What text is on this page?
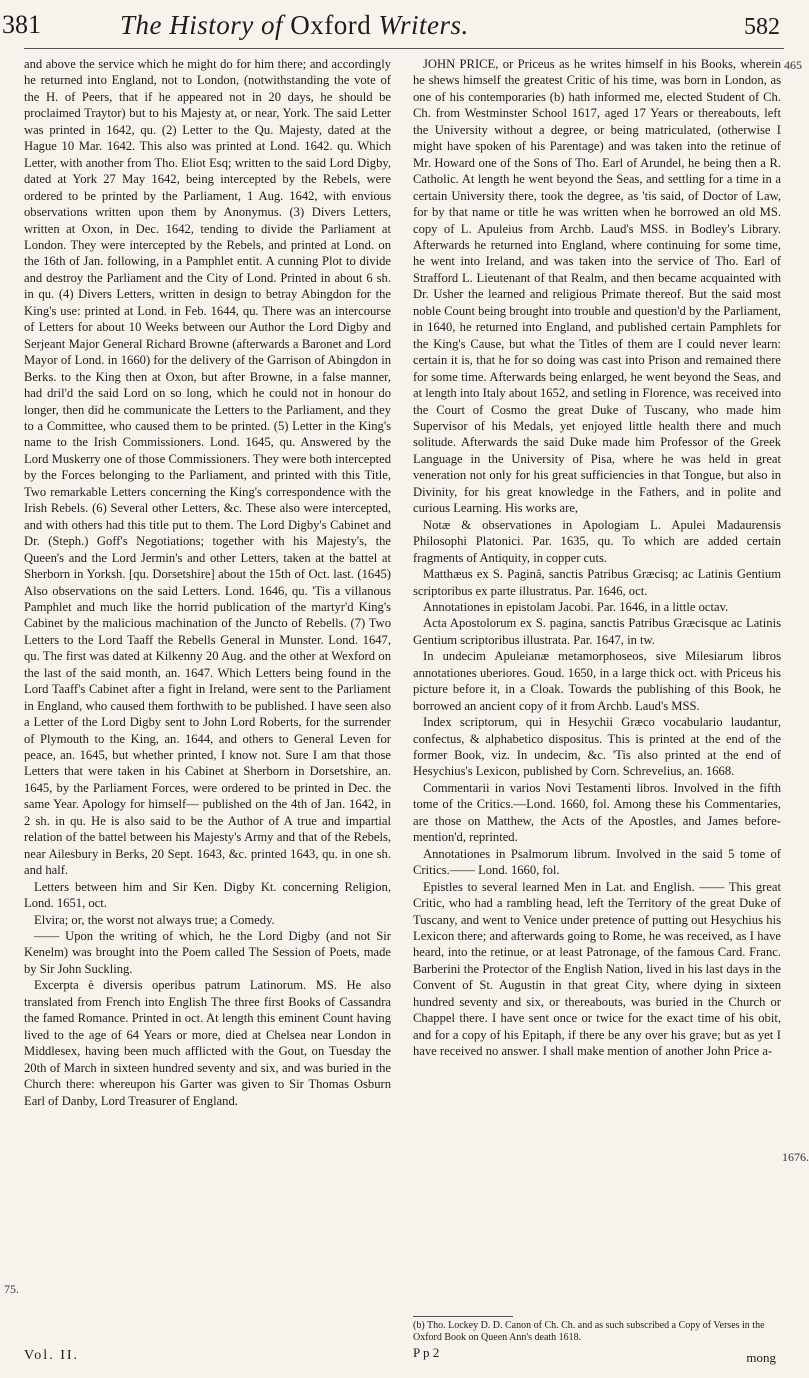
381	The History of Oxford Writers.	582

and above the service which he might do for him there; and accordingly he returned into England, not to London, (notwithstanding the vote of the H. of Peers, that if he appeared not in 20 days, he should be proclaimed Traytor) but to his Majesty at, or near, York. The said Letter was printed in 1642, qu. (2) Letter to the Qu. Majesty, dated at the Hague 10 Mar. 1642. This also was printed at Lond. 1642. qu. Which Letter, with another from Tho. Eliot Esq; written to the said Lord Digby, dated at York 27 May 1642, being intercepted by the Rebels, were ordered to be printed by the Parliament, 1 Aug. 1642, with envious observations written upon them by Anonymus. (3) Divers Letters, written at Oxon, in Dec. 1642, tending to divide the Parliament at London. They were intercepted by the Rebels, and printed at Lond. on the 16th of Jan. following, in a Pamphlet entit. A cunning Plot to divide and destroy the Parliament and the City of Lond. Printed in about 6 sh. in qu. (4) Divers Letters, written in design to betray Abingdon for the King's use: printed at Lond. in Feb. 1644, qu. There was an intercourse of Letters for about 10 Weeks between our Author the Lord Digby and Serjeant Major General Richard Browne (afterwards a Baronet and Lord Mayor of Lond. in 1660) for the delivery of the Garrison of Abingdon in Berks. to the King then at Oxon, but after Browne, in a false manner, had dril'd the said Lord on so long, which he could not in honour do longer, then did he communicate the Letters to the Parliament, and they to a Committee, who caused them to be printed. (5) Letter in the King's name to the Irish Commissioners. Lond. 1645, qu. Answered by the Lord Muskerry one of those Commissioners. They were both intercepted by the Forces belonging to the Parliament, and printed with this Title, Two remarkable Letters concerning the King's correspondence with the Irish Rebels. (6) Several other Letters, &c. These also were intercepted, and with others had this title put to them. The Lord Digby's Cabinet and Dr. (Steph.) Goff's Negotiations; together with his Majesty's, the Queen's and the Lord Jermin's and other Letters, taken at the battel at Sherborn in Yorksh. [qu. Dorsetshire] about the 15th of Oct. last. (1645) Also observations on the said Letters. Lond. 1646, qu. 'Tis a villanous Pamphlet and much like the horrid publication of the martyr'd King's Cabinet by the malicious machination of the Juncto of Rebells. (7) Two Letters to the Lord Taaff the Rebells General in Munster. Lond. 1647, qu. The first was dated at Kilkenny 20 Aug. and the other at Wexford on the last of the said month, an. 1647. Which Letters being found in the Lord Taaff's Cabinet after a fight in Ireland, were sent to the Parliament in England, who caused them forthwith to be published. I have seen also a Letter of the Lord Digby sent to John Lord Roberts, for the surrender of Plymouth to the King, an. 1644, and others to General Leven for peace, an. 1645, but whether printed, I know not. Sure I am that those Letters that were taken in his Cabinet at Sherborn in Dorsetshire, an. 1645, by the Parliament Forces, were ordered to be printed in Dec. the same Year. Apology for himself— published on the 4th of Jan. 1642, in 2 sh. in qu. He is also said to be the Author of A true and impartial relation of the battel between his Majesty's Army and that of the Rebels, near Ailesbury in Berks, 20 Sept. 1643, &c. printed 1643, qu. in one sh. and half.

Letters between him and Sir Ken. Digby Kt. concerning Religion, Lond. 1651, oct.

Elvira; or, the worst not always true; a Comedy.

—— Upon the writing of which, he the Lord Digby (and not Sir Kenelm) was brought into the Poem called The Session of Poets, made by Sir John Suckling.

Excerpta è diversis operibus patrum Latinorum. MS. He also translated from French into English The three first Books of Cassandra the famed Romance. Printed in oct. At length this eminent Count having lived to the age of 64 Years or more, died at Chelsea near London in Middlesex, having been much afflicted with the Gout, on Tuesday the 20th of March in sixteen hundred seventy and six, and was buried in the Church there: whereupon his Garter was given to Sir Thomas Osburn Earl of Danby, Lord Treasurer of England.

JOHN PRICE, or Priceus as he writes himself in his Books, wherein he shews himself the greatest Critic of his time, was born in London, as one of his contemporaries (b) hath informed me, elected Student of Ch. Ch. from Westminster School 1617, aged 17 Years or thereabouts, left the University without a degree, or being matriculated, (otherwise I might have spoken of his Parentage) and was taken into the retinue of Mr. Howard one of the Sons of Tho. Earl of Arundel, he being then a R. Catholic. At length he went beyond the Seas, and settling for a time in a certain University there, took the degree, as 'tis said, of Doctor of Law, for by that name or title he was written when he borrowed an old MS. copy of L. Apuleius from Archb. Laud's MSS. in Bodley's Library. Afterwards he returned into England, where continuing for some time, he went into Ireland, and was taken into the service of Tho. Earl of Strafford L. Lieutenant of that Realm, and then became acquainted with Dr. Usher the learned and religious Primate thereof. But the said most noble Count being brought into trouble and question'd by the Parliament, in 1640, he returned into England, and published certain Pamphlets for the King's Cause, but what the Titles of them are I could never learn: certain it is, that he for so doing was cast into Prison and remained there for some time. Afterwards being enlarged, he went beyond the Seas, and at length into Italy about 1652, and setling in Florence, was received into the Court of Cosmo the great Duke of Tuscany, who made him Supervisor of his Medals, yet enjoyed little health there and much solitude. Afterwards the said Duke made him Professor of the Greek Language in the University of Pisa, where he was held in great veneration not only for his great sufficiencies in that Tongue, but also in Divinity, for his great knowledge in the Fathers, and in polite and curious Learning. His works are,

Notæ & observationes in Apologiam L. Apulei Madaurensis Philosophi Platonici. Par. 1635, qu. To which are added certain fragments of Antiquity, in copper cuts.

Matthæus ex S. Paginâ, sanctis Patribus Græcisq; ac Latinis Gentium scriptoribus ex parte illustratus. Par. 1646, oct.

Annotationes in epistolam Jacobi. Par. 1646, in a little octav.

Acta Apostolorum ex S. pagina, sanctis Patribus Græcisque ac Latinis Gentium scriptoribus illustrata. Par. 1647, in tw.

In undecim Apuleianæ metamorphoseos, sive Milesiarum libros annotationes uberiores. Goud. 1650, in a large thick oct. with Priceus his picture before it, in a Cloak. Towards the publishing of this Book, he borrowed an ancient copy of it from Archb. Laud's MSS.

Index scriptorum, qui in Hesychii Græco vocabulario laudantur, confectus, & alphabetico dispositus. This is printed at the end of the former Book, viz. In undecim, &c. 'Tis also printed at the end of Hesychius's Lexicon, published by Corn. Schrevelius, an. 1668.

Commentarii in varios Novi Testamenti libros. Involved in the fifth tome of the Critics.—Lond. 1660, fol. Among these his Commentaries, are those on Matthew, the Acts of the Apostles, and James before-mention'd, reprinted.

Annotationes in Psalmorum librum. Involved in the said 5 tome of Critics.—— Lond. 1660, fol.

Epistles to several learned Men in Lat. and English. —— This great Critic, who had a rambling head, left the Territory of the great Duke of Tuscany, and went to Venice under pretence of putting out Hesychius his Lexicon there; and afterwards going to Rome, he was received, as I have heard, into the retinue, or at least Patronage, of the famous Card. Franc. Barberini the Protector of the English Nation, lived in his last days in the Convent of St. Augustin in that great City, where dying in sixteen hundred seventy and six, or thereabouts, was buried in the Church or Chappel there. I have sent once or twice for the exact time of his obit, and for a copy of his Epitaph, if there be any over his grave; but as yet I have received no answer. I shall make mention of another John Price a-

75.
465
1676.
(b) Tho. Lockey D. D. Canon of Ch. Ch. and as such subscribed a Copy of Verses in the Oxford Book on Queen Ann's death 1618.
Vol. II.	P p 2	mong
